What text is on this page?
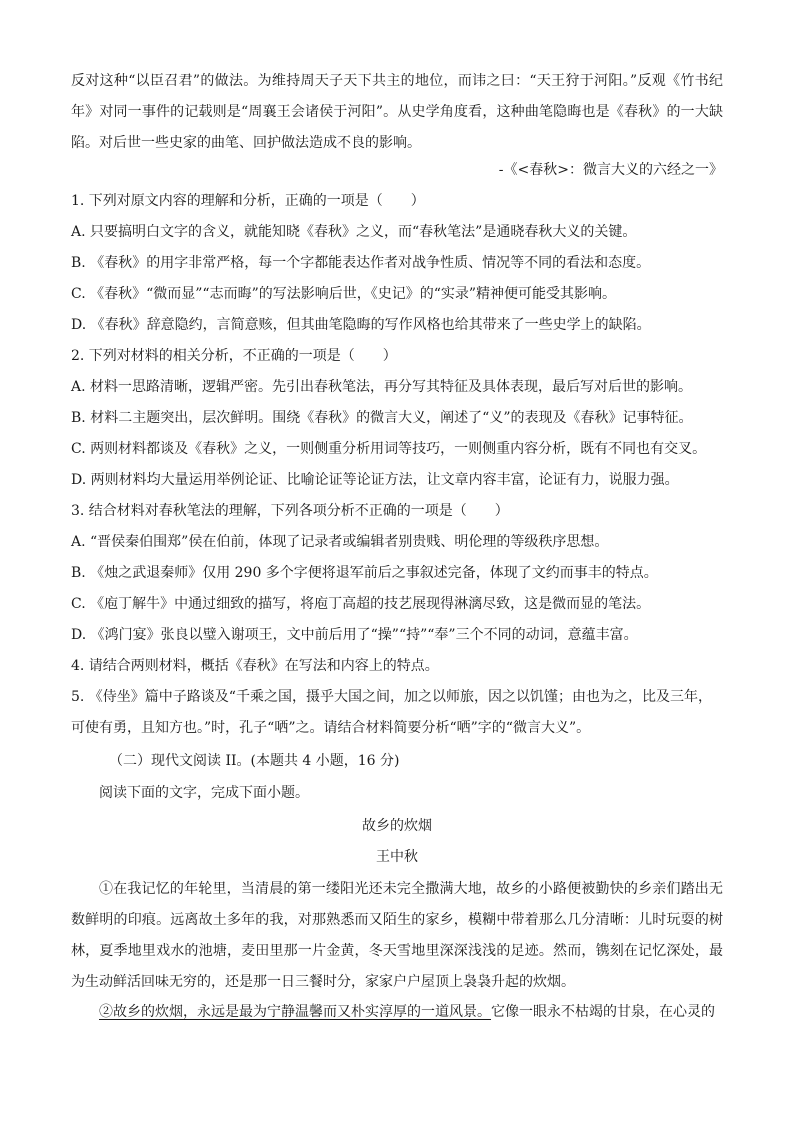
反对这种“以臣召君”的做法。为维持周天子天下共主的地位，而讳之曰：“天王狩于河阳。”反观《竹书纪年》对同一事件的记载则是“周襄王会诸侯于河阳”。从史学角度看，这种曲笔隐晦也是《春秋》的一大缺陷。对后世一些史家的曲笔、回护做法造成不良的影响。

-《<春秋>：微言大义的六经之一》
1. 下列对原文内容的理解和分析，正确的一项是（　　）
A. 只要搞明白文字的含义，就能知晓《春秋》之义，而“春秋笔法”是通晓春秋大义的关键。
B. 《春秋》的用字非常严格，每一个字都能表达作者对战争性质、情况等不同的看法和态度。
C. 《春秋》“微而显”“志而晦”的写法影响后世，《史记》的“实录”精神便可能受其影响。
D. 《春秋》辞意隐约，言简意赅，但其曲笔隐晦的写作风格也给其带来了一些史学上的缺陷。
2. 下列对材料的相关分析，不正确的一项是（　　）
A. 材料一思路清晰，逻辑严密。先引出春秋笔法，再分写其特征及具体表现，最后写对后世的影响。
B. 材料二主题突出，层次鲜明。围绕《春秋》的微言大义，阐述了“义”的表现及《春秋》记事特征。
C. 两则材料都谈及《春秋》之义，一则侧重分析用词等技巧，一则侧重内容分析，既有不同也有交叉。
D. 两则材料均大量运用举例论证、比喻论证等论证方法，让文章内容丰富，论证有力，说服力强。
3. 结合材料对春秋笔法的理解，下列各项分析不正确的一项是（　　）
A. “晋侯秦伯围郑”侯在伯前，体现了记录者或编辑者别贵贱、明伦理的等级秩序思想。
B. 《烛之武退秦师》仅用 290 多个字便将退军前后之事叙述完备，体现了文约而事丰的特点。
C. 《庖丁解牛》中通过细致的描写，将庖丁高超的技艺展现得淋漓尽致，这是微而显的笔法。
D. 《鸿门宴》张良以璧入谢项王，文中前后用了“操”“持”“奉”三个不同的动词，意蕴丰富。
4. 请结合两则材料，概括《春秋》在写法和内容上的特点。
5. 《侍坐》篇中子路谈及“千乘之国，摄乎大国之间，加之以师旅，因之以饥馑；由也为之，比及三年，
可使有勇，且知方也。”时，孔子“哂”之。请结合材料简要分析“哂”字的“微言大义”。
（二）现代文阅读 II。(本题共 4 小题，16 分)
阅读下面的文字，完成下面小题。
故乡的炊烟
王中秋

①在我记忆的年轮里，当清晨的第一缕阳光还未完全撒满大地，故乡的小路便被勤快的乡亲们踏出无数鲜明的印痕。远离故土多年的我，对那熟悉而又陌生的家乡，模糊中带着那么几分清晰：儿时玩耍的树林，夏季地里戏水的池塘，麦田里那一片金黄，冬天雪地里深深浅浅的足迹。然而，镌刻在记忆深处，最为生动鲜活回味无穷的，还是那一日三餐时分，家家户户屋顶上袅袅升起的炊烟。

②故乡的炊烟，永远是最为宁静温馨而又朴实淳厚的一道风景。它像一眼永不枯竭的甘泉，在心灵的
